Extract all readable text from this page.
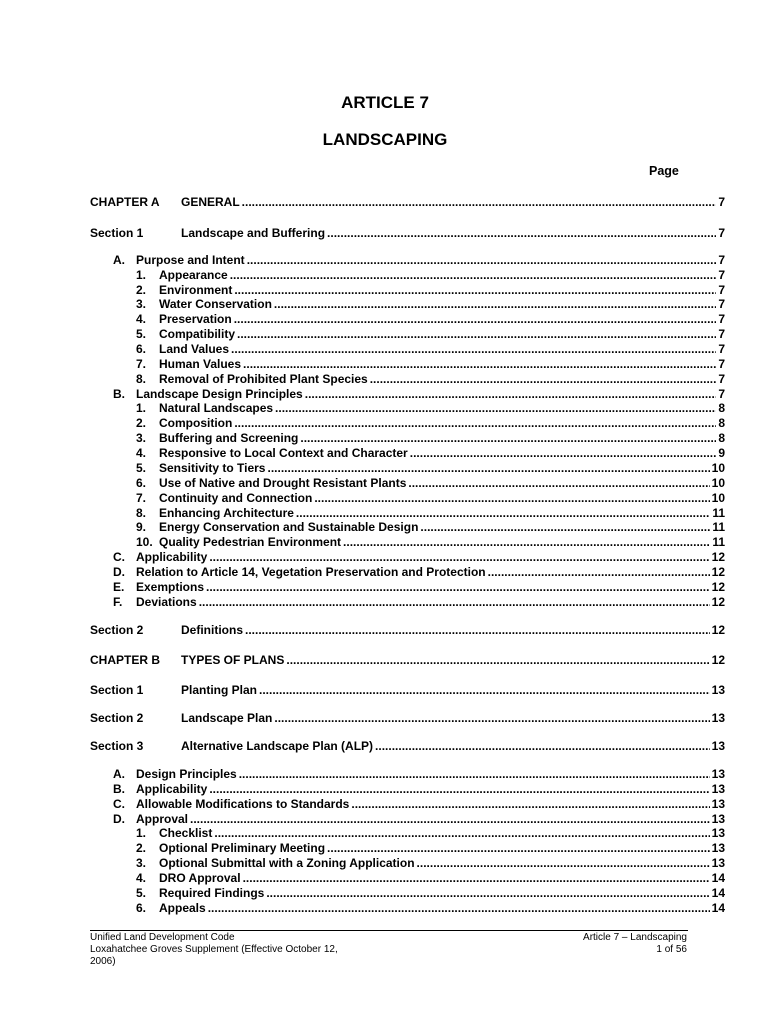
ARTICLE 7
LANDSCAPING
Page
CHAPTER A GENERAL .....	7
Section 1	Landscape and Buffering .....	7
A. Purpose and Intent .....	7
1. Appearance .....	7
2. Environment .....	7
3. Water Conservation .....	7
4. Preservation .....	7
5. Compatibility .....	7
6. Land Values .....	7
7. Human Values .....	7
8. Removal of Prohibited Plant Species .....	7
B. Landscape Design Principles .....	7
1. Natural Landscapes .....	8
2. Composition .....	8
3. Buffering and Screening .....	8
4. Responsive to Local Context and Character .....	9
5. Sensitivity to Tiers .....	10
6. Use of Native and Drought Resistant Plants .....	10
7. Continuity and Connection .....	10
8. Enhancing Architecture .....	11
9. Energy Conservation and Sustainable Design .....	11
10. Quality Pedestrian Environment .....	11
C. Applicability .....	12
D. Relation to Article 14, Vegetation Preservation and Protection .....	12
E. Exemptions .....	12
F. Deviations .....	12
Section 2	Definitions .....	12
CHAPTER B TYPES OF PLANS .....	12
Section 1	Planting Plan .....	13
Section 2	Landscape Plan .....	13
Section 3	Alternative Landscape Plan (ALP) .....	13
A. Design Principles .....	13
B. Applicability .....	13
C. Allowable Modifications to Standards .....	13
D. Approval .....	13
1. Checklist .....	13
2. Optional Preliminary Meeting .....	13
3. Optional Submittal with a Zoning Application .....	13
4. DRO Approval .....	14
5. Required Findings .....	14
6. Appeals .....	14
Unified Land Development Code
Loxahatchee Groves Supplement (Effective October 12,
2006)
Article 7 – Landscaping
1 of 56
